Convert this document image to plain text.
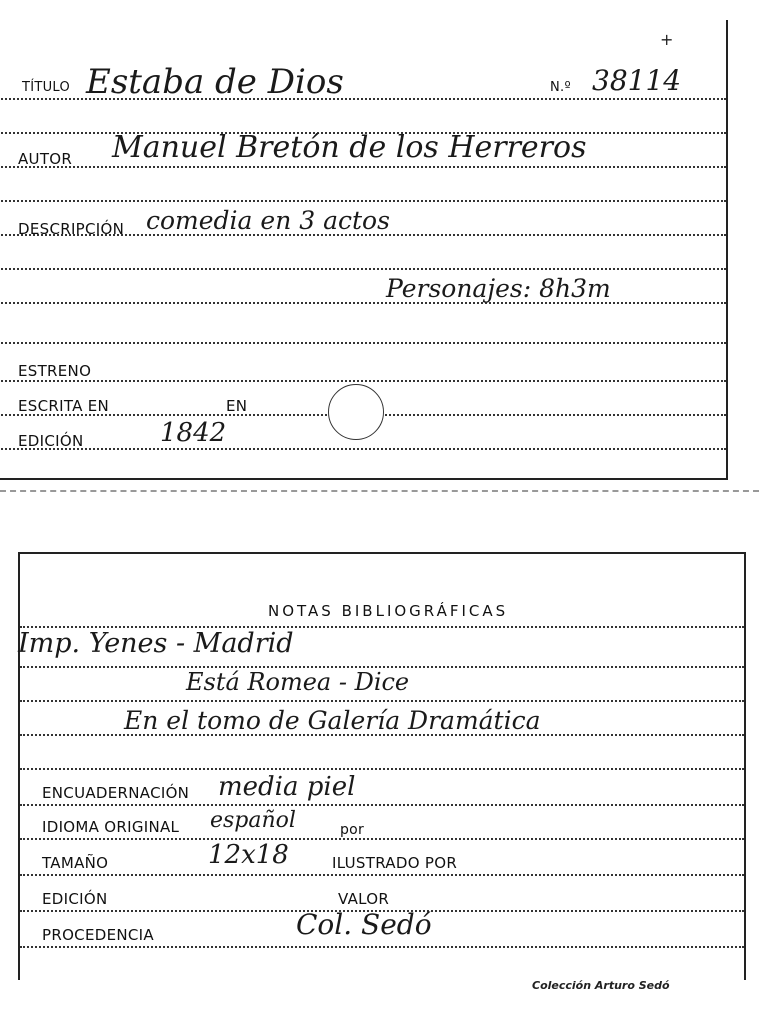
+
TÍTULO Estaba de Dios	N.º 38114
AUTOR Manuel Bretón de los Herreros
DESCRIPCIÓN comedia en 3 actos
Personajes: 8h3m
ESTRENO
ESCRITA EN	EN
EDICIÓN	1842
NOTAS BIBLIOGRÁFICAS
Imp. Yenes - Madrid
Está Romea - Dice
En el tomo de Galería Dramática
ENCUADERNACIÓN media piel
IDIOMA ORIGINAL español	por
TAMAÑO	12x18	ILUSTRADO POR
EDICIÓN	VALOR
PROCEDENCIA	Col. Sedó
Colección Arturo Sedó
